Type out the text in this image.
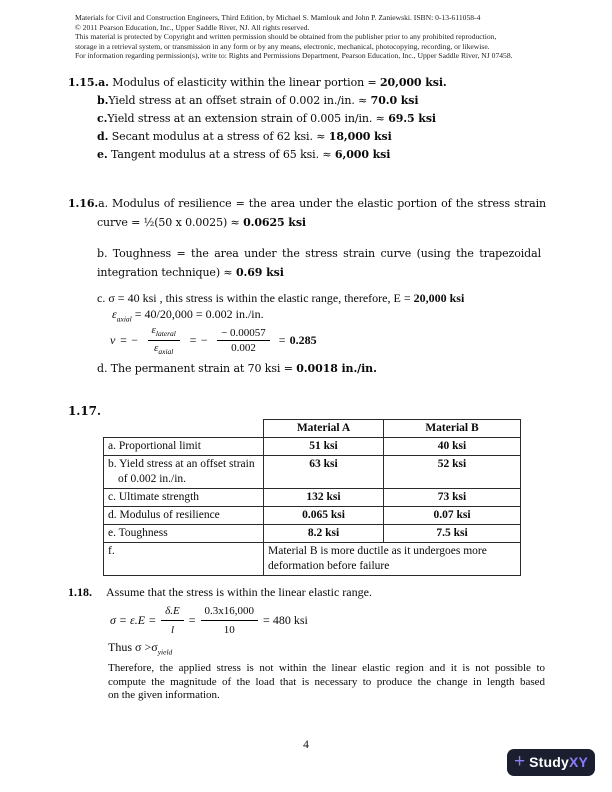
Materials for Civil and Construction Engineers, Third Edition, by Michael S. Mamlouk and John P. Zaniewski. ISBN: 0-13-611058-4
© 2011 Pearson Education, Inc., Upper Saddle River, NJ. All rights reserved.
This material is protected by Copyright and written permission should be obtained from the publisher prior to any prohibited reproduction,
storage in a retrieval system, or transmission in any form or by any means, electronic, mechanical, photocopying, recording, or likewise.
For information regarding permission(s), write to: Rights and Permissions Department, Pearson Education, Inc., Upper Saddle River, NJ 07458.
1.15.a. Modulus of elasticity within the linear portion = 20,000 ksi.
b.Yield stress at an offset strain of 0.002 in./in. ≈ 70.0 ksi
c.Yield stress at an extension strain of 0.005 in/in. ≈ 69.5 ksi
d. Secant modulus at a stress of 62 ksi. ≈ 18,000 ksi
e. Tangent modulus at a stress of 65 ksi. ≈ 6,000 ksi
1.16.a. Modulus of resilience = the area under the elastic portion of the stress strain
curve = ½(50 x 0.0025) ≈ 0.0625 ksi
b. Toughness = the area under the stress strain curve (using the trapezoidal
integration technique) ≈ 0.69 ksi
c. σ = 40 ksi , this stress is within the elastic range, therefore, E = 20,000 ksi
$\varepsilon_{axial} = 40/20,000 = 0.002$ in./in.
ν = − $\frac{\varepsilon_{lateral}}{\varepsilon_{axial}}$ = − $\frac{- 0.00057}{0.002} = 0.285$
d. The permanent strain at 70 ksi = 0.0018 in./in.
1.17.
	Material A	Material B
a. Proportional limit	51 ksi	40 ksi

b. Yield stress at an offset strain
of 0.002 in./in.	63 ksi	52 ksi
c. Ultimate strength	132 ksi	73 ksi
d. Modulus of resilience	0.065 ksi	0.07 ksi
e. Toughness	8.2 ksi	7.5 ksi
f.	Material B is more ductile as it undergoes more deformation before failure	
1.18. Assume that the stress is within the linear elastic range.
$\sigma = \varepsilon.E = \frac{\delta.E}{l} = \frac{0.3x16,000}{10} = 480$ ksi
Thus $\sigma >\sigma_{yield}$
Therefore, the applied stress is not within the linear elastic region and it is not possible to
compute the magnitude of the load that is necessary to produce the change in length based
on the given information.
4
+ StudyXY
